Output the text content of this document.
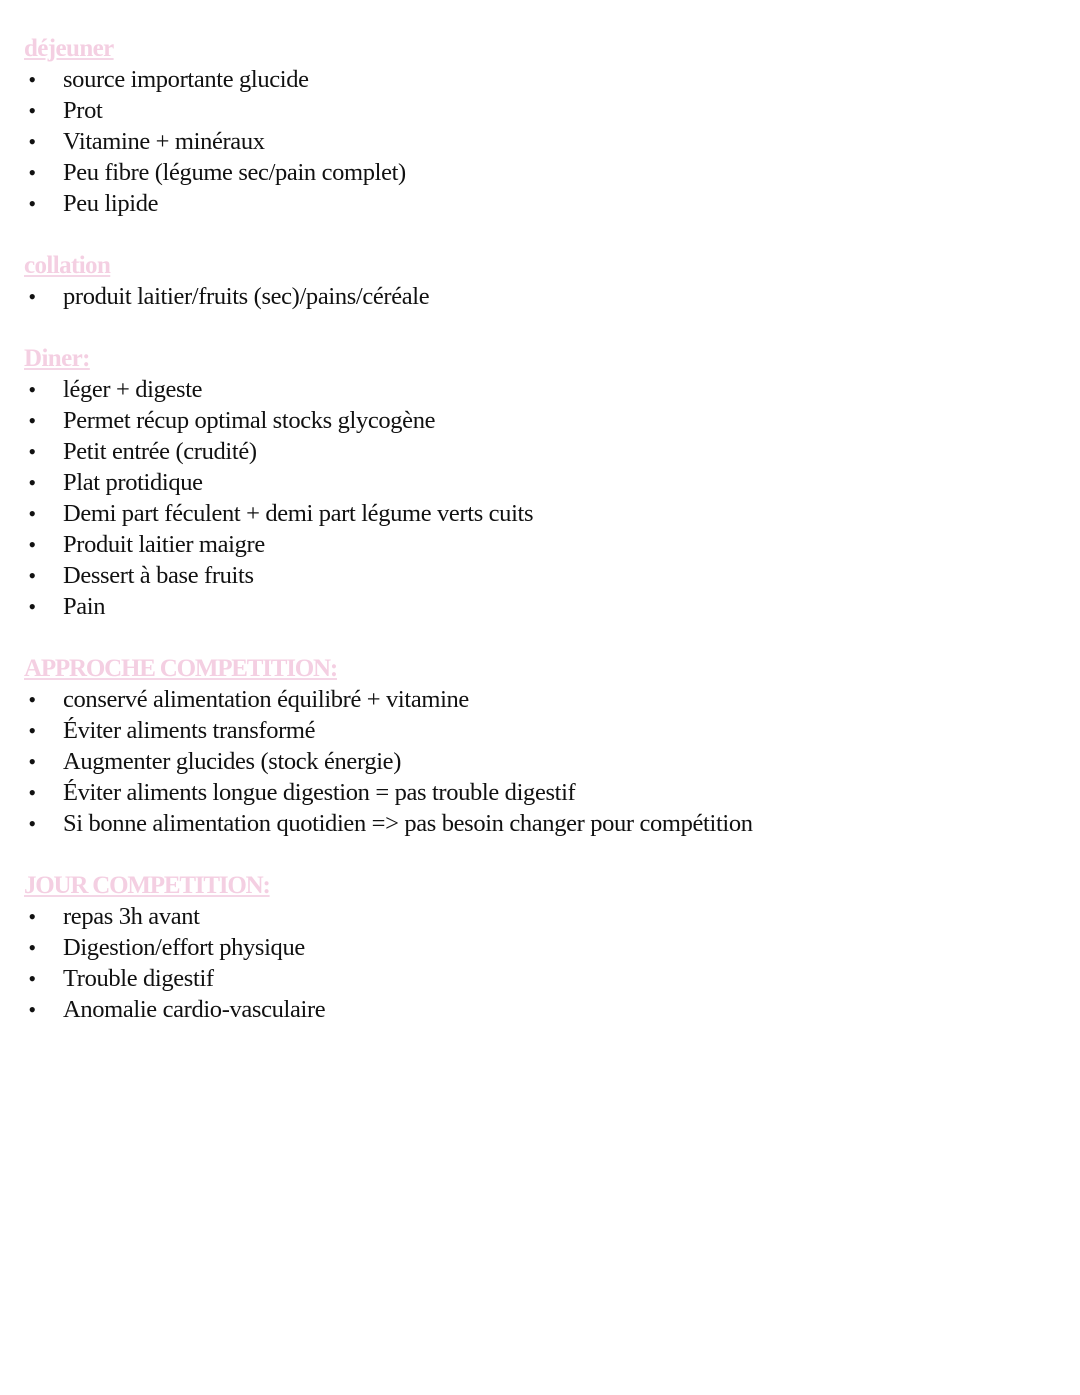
déjeuner
• source importante glucide
• Prot
• Vitamine + minéraux
• Peu fibre (légume sec/pain complet)
• Peu lipide
collation
• produit laitier/fruits (sec)/pains/céréale
Diner:
• léger + digeste
• Permet récup optimal stocks glycogène
• Petit entrée (crudité)
• Plat protidique
• Demi part féculent + demi part légume verts cuits
• Produit laitier maigre
• Dessert à base fruits
• Pain
APPROCHE COMPETITION:
• conservé alimentation équilibré + vitamine
• Éviter aliments transformé
• Augmenter glucides (stock énergie)
• Éviter aliments longue digestion = pas trouble digestif
• Si bonne alimentation quotidien => pas besoin changer pour compétition
JOUR COMPETITION:
• repas 3h avant
• Digestion/effort physique
• Trouble digestif
• Anomalie cardio-vasculaire
